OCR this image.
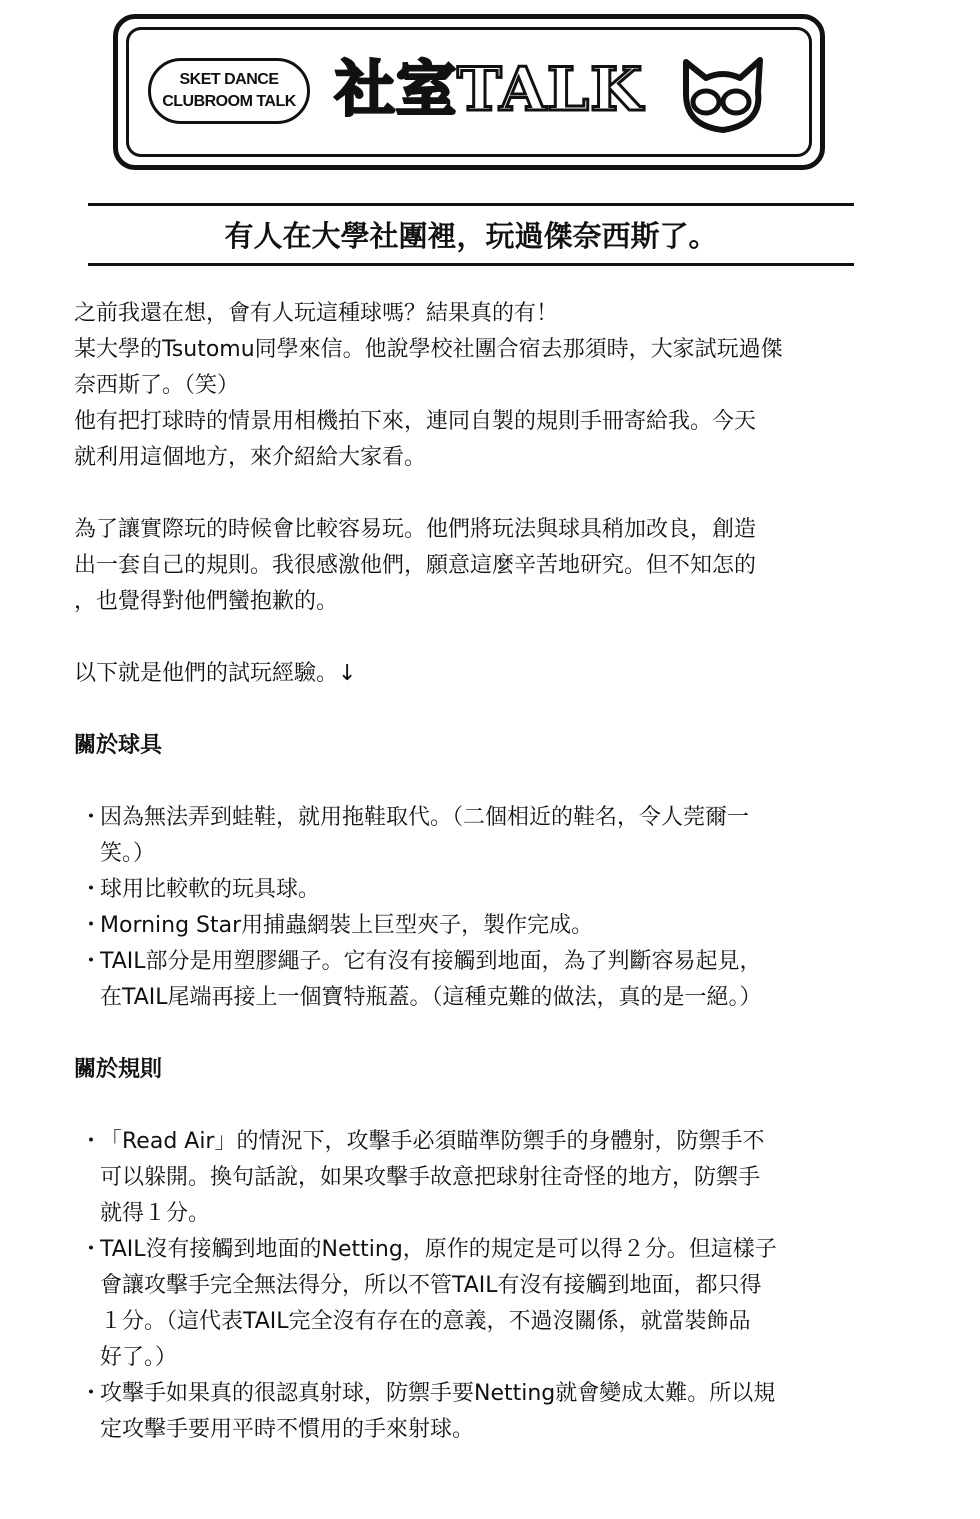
SKET DANCE
CLUBROOM TALK 社室TALK
有人在大學社團裡，玩過傑奈西斯了。

之前我還在想，會有人玩這種球嗎？結果真的有！

某大學的Tsutomu同學來信。他說學校社團合宿去那須時，大家試玩過傑

奈西斯了。（笑）

他有把打球時的情景用相機拍下來，連同自製的規則手冊寄給我。今天

就利用這個地方，來介紹給大家看。

為了讓實際玩的時候會比較容易玩。他們將玩法與球具稍加改良，創造

出一套自己的規則。我很感激他們，願意這麼辛苦地研究。但不知怎的

，也覺得對他們蠻抱歉的。

以下就是他們的試玩經驗。↓

關於球具

・

因為無法弄到蛙鞋，就用拖鞋取代。（二個相近的鞋名，令人莞爾一

笑。）

・

球用比較軟的玩具球。

・

Morning Star用捕蟲網裝上巨型夾子，製作完成。

・

TAIL部分是用塑膠繩子。它有沒有接觸到地面，為了判斷容易起見，

在TAIL尾端再接上一個寶特瓶蓋。（這種克難的做法，真的是一絕。）

關於規則

・

「Read Air」的情況下，攻擊手必須瞄準防禦手的身體射，防禦手不

可以躲開。換句話說，如果攻擊手故意把球射往奇怪的地方，防禦手

就得１分。

・

TAIL沒有接觸到地面的Netting，原作的規定是可以得２分。但這樣子

會讓攻擊手完全無法得分，所以不管TAIL有沒有接觸到地面，都只得

１分。（這代表TAIL完全沒有存在的意義，不過沒關係，就當裝飾品

好了。）

・

攻擊手如果真的很認真射球，防禦手要Netting就會變成太難。所以規

定攻擊手要用平時不慣用的手來射球。
